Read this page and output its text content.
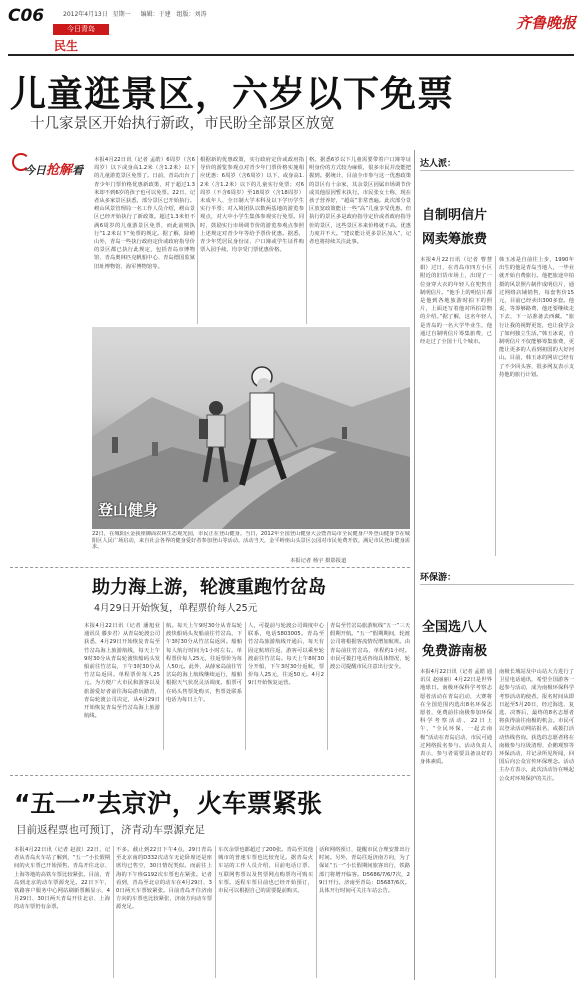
C06	2012年4月13日 星期一 编辑：于建 组版：刘涛
今日青岛
民生
齐鲁晚报
儿童逛景区，六岁以下免票
十几家景区开始执行新政，市民盼全部景区放宽
今日抢解看
本报4月22日讯（记者 孟皓）6周岁（含6周岁）以下或身高1.2米（含1.2米）以下的儿童游览景区免票了。日前，青岛出台了青少年门票价格优惠新政策，对于超过1.3米却不到6岁的孩子也可以免票。22日，记者从多家景区获悉，部分景区已开始执行。崂山风景管理局一名工作人员介绍，崂山景区已经开始执行了新政策。超过1.3米但不满6周岁的儿童游景区免票，而此前则执行“1.2米以下”免票的规定。据了解，除崂山外，青岛一些执行政府定价或政府指导价的景区都已执行此规定，包括青岛市博物馆、青岛奥林匹克帆船中心、青岛德国监狱旧址博物馆、海军博物馆等。
根据新的优惠政策，实行政府定价或政府指导价的游览参观点对青少年门票价格实施相应优惠：6周岁（含6周岁）以下，或身高1.2米（含1.2米）以下的儿童实行免票；对6周岁（不含6周岁）至18周岁（含18周岁）未成年人、全日制大学本科及以下学历学生实行半票；对入境团队以数两基地的游览参观点，对大中小学生集体参观实行免票。同时，鼓励实行市场调节价的游览参观点参照上述规定对青少年等给予票价优惠。据悉，青少年凭居民身份证、户口簿或学生证件购票入园手续，均享受门票优惠价格。
格。据悉6岁以下儿童需要带着户口簿等证明身份的方式较为麻烦，很多市民并没能把握到。据统计，目前全市参与这一优惠政策的景区有十余家，其余景区因属市场调节价或其他原因暂未执行。市民张女士称，现在孩子营养好，“超高”非常普遍。此次部分景区放宽政策能让一些“高”儿童享受优惠。但执行的景区多是政府指导定价或者政府指导价的景区，这些景区本来价格就不高。优惠力度并不大。“建议能让更多景区加入”，记者也将持续关注此事。
登山健身
22日，在城阳区金我座御面农林生态观光园，市民正在登山健身。当日，2012年全国登山健身大会暨青岛市全民健身户外登山健身节在城阳区人民广场启动，来自社会各界的健身爱好者参加登山等活动。活动当天，金平岭座山头景区公园对市民免费开放。满足市民登山健身需求。
本报记者 杨宇 摄影报道
助力海上游，轮渡重跑竹岔岛
4月29日开始恢复，单程票价每人25元
本报4月22日讯（记者 潘旭业 通讯员 滕步君）从青岛轮渡公司获悉，4月29日开始恢复青岛至竹岔岛海上旅游航线，每天上午9时30分从青岛轮渡快船码头发船前往竹岔岛，下午3时30分从竹岔岛返回。单程票价每人25元。为方便广大市民和游客以及旅游爱好者前往海岛游玩踏青，青岛轮渡公司决定，从4月29日开始恢复青岛至竹岔岛海上旅游航线。
航。每天上午9时30分从青岛轮渡快船码头发船前往竹岔岛，下午3时30分从竹岔岛返回。船舶每人航行时间为1小时左右。单程票价每人25元，往返票价为每人50元。此外，从薛家岛前往竹岔岛的海上航线继续运行，船舶根据天气状况灵活调度。船票可在码头售票处购买，售票处联系电话为每日上午。
人，可提前与轮渡公司调度中心联系，电话5803005。青岛至竹岔岛旅游航线开通后，每天有固定航班往返，游客可以乘坐轮渡前往竹岔岛。每天上午8时30分开船，下午3时30分返航，票价每人25元，往返50元。4月29日开始恢复运营。
青岛至竹岔岛旅游航线“五一”三天假期开航。“五一”假期期间，轮渡公司将根据客流情况增加航班。由青岛前往竹岔岛，单程约1小时。市民可拨打电话咨询具体情况，轮渡公司提醒市民注意出行安全。
“五一”去京沪，火车票紧张
目前返程票也可预订，济青动车票源充足
本报4月22日讯（记者 赵波）22日，记者从青岛火车站了解到，“五一”小长假期间的火车票已开始预售，青岛开往北京、上海等地的高铁车票比较紧张。目前，青岛到北京的动车票源充足。22日下午，铁路客户服务中心网站刷新票额显示，4月29日、30日两天青岛开往北京、上海的动车票仍有余票。
不多。截止到22日下午4点，29日青岛至北京南的D332次动车无论卧席还是座席均已售空，30日情况类似。而前往上海的下午班G192次车票也在紧张。记者看到，青岛至北京的动车在4月29日、30日两天车票较紧张。目前青岛开往济南方向的车票也比较紧张，济南方向动车票源充足。
车次余票也都超过了200张。青岛至其他城市的普速车票也比较充足。据青岛火车站的工作人员介绍，目前电话订票、互联网售票以及售票网点购票均可购买车票。返程车票目前也已经开始预订，市民可以根据自己的需要提前购买。
话和网络预订，提醒市民合理安排出行时间。另外，青岛往返济南方向，为了保证“五一”小长假期间旅客出行，铁路部门将增开临客。D5686/7/6/7次，29日开行。济南至青岛：D5687/6次。具体开行时间可关注车站公告。
达人派：
自制明信片
网卖筹旅费
本报4月22日讯（记者 曹慧娟）过日，在青岛市四方小区附近的旧货市场上，出现了一位身穿大衣的年轻人在兜售自制明信片。“他手上的明信片都是他到各地旅游时拍下的照片，上面还写着他对所拍景物的介绍。”据了解，这名年轻人是青岛的一名大学毕业生，他通过自制明信片筹集旅费，已经走过了全国十几个城市。
韩玉冰是自前往上步，1990年出生的他是青岛当地人，一毕业就开始自费旅行。他把旅途中拍摄的风景照片制作成明信片，通过网络店铺销售，每套售价15元，目前已经卖出300多套。他说，等筹够路费，他还要继续走下去，下一站准备去西藏。“旅行让我的视野更宽，也让我学会了如何独立生活。”韩玉冰说，自制明信片不仅能够筹集旅费，更能让更多的人看到祖国的大好河山。目前，韩玉冰的网店已经有了不少回头客，很多网友表示支持他的旅行计划。
环保游：
全国选八人
免费游南极
本报4月22日讯（记者 孟皓 通讯员 赵丽丽）4月22日是世界地球日。南极环保科学考察志愿者活动在青岛启动，大赛将在全国范围内选出8名环保志愿者，免费前往南极参加环保科学考察活动。22日上午，“全民环保，一起去南极”活动在青岛启动，市民可通过网络报名参与。活动负责人表示，参与者需要具备良好的身体素质。
南极长城站及中山站大力进行了卫星电话通讯，希望全国游客一起参与活动，成为南极环保科学考察活动的使者。报名时间从即日起至5月20日，经过海选、复选、决赛后，最终的8名志愿者将获得前往南极的机会。市民可以登录活动网站报名，或拨打活动热线咨询。获选的志愿者将在南极参与垃圾清理、企鹅观察等环保活动，并记录所见所闻，回国后向公众宣传环保理念。活动主办方表示，此次活动旨在唤起公众对环境保护的关注。
